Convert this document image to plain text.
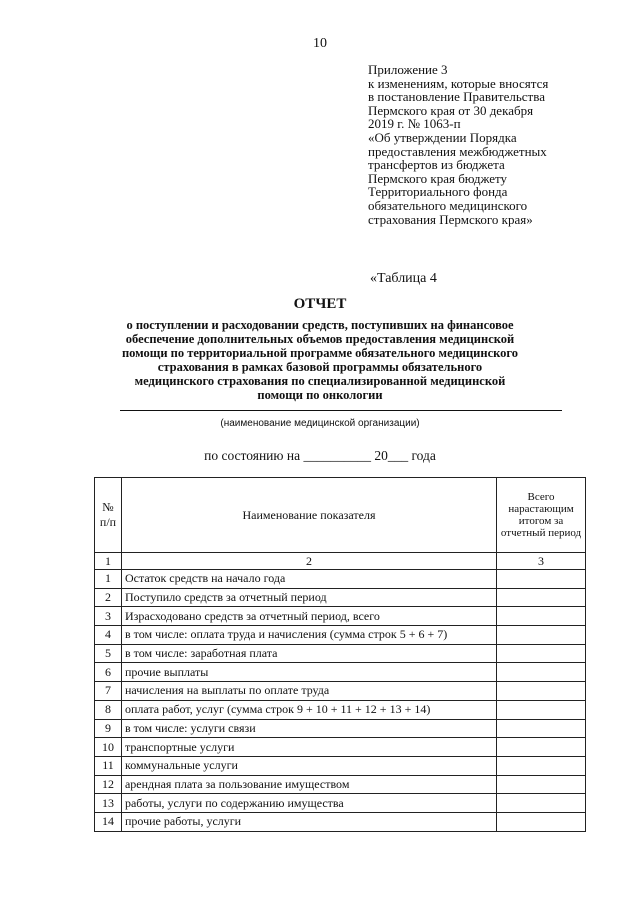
10
Приложение 3
к изменениям, которые вносятся
в постановление Правительства
Пермского края от 30 декабря
2019 г. № 1063-п
«Об утверждении Порядка
предоставления межбюджетных
трансфертов из бюджета
Пермского края бюджету
Территориального фонда
обязательного медицинского
страхования Пермского края»
«Таблица 4
ОТЧЕТ
о поступлении и расходовании средств, поступивших на финансовое
обеспечение дополнительных объемов предоставления медицинской
помощи по территориальной программе обязательного медицинского
страхования в рамках базовой программы обязательного
медицинского страхования по специализированной медицинской
помощи по онкологии
(наименование медицинской организации)
по состоянию на __________ 20___ года
№ п/п	Наименование показателя	Всего нарастающим итогом за отчетный период
1	2	3
1	Остаток средств на начало года	
2	Поступило средств за отчетный период	
3	Израсходовано средств за отчетный период, всего	
4	в том числе: оплата труда и начисления (сумма строк 5 + 6 + 7)	
5	в том числе: заработная плата	
6	прочие выплаты	
7	начисления на выплаты по оплате труда	
8	оплата работ, услуг (сумма строк 9 + 10 + 11 + 12 + 13 + 14)	
9	в том числе: услуги связи	
10	транспортные услуги	
11	коммунальные услуги	
12	арендная плата за пользование имуществом	
13	работы, услуги по содержанию имущества	
14	прочие работы, услуги	
